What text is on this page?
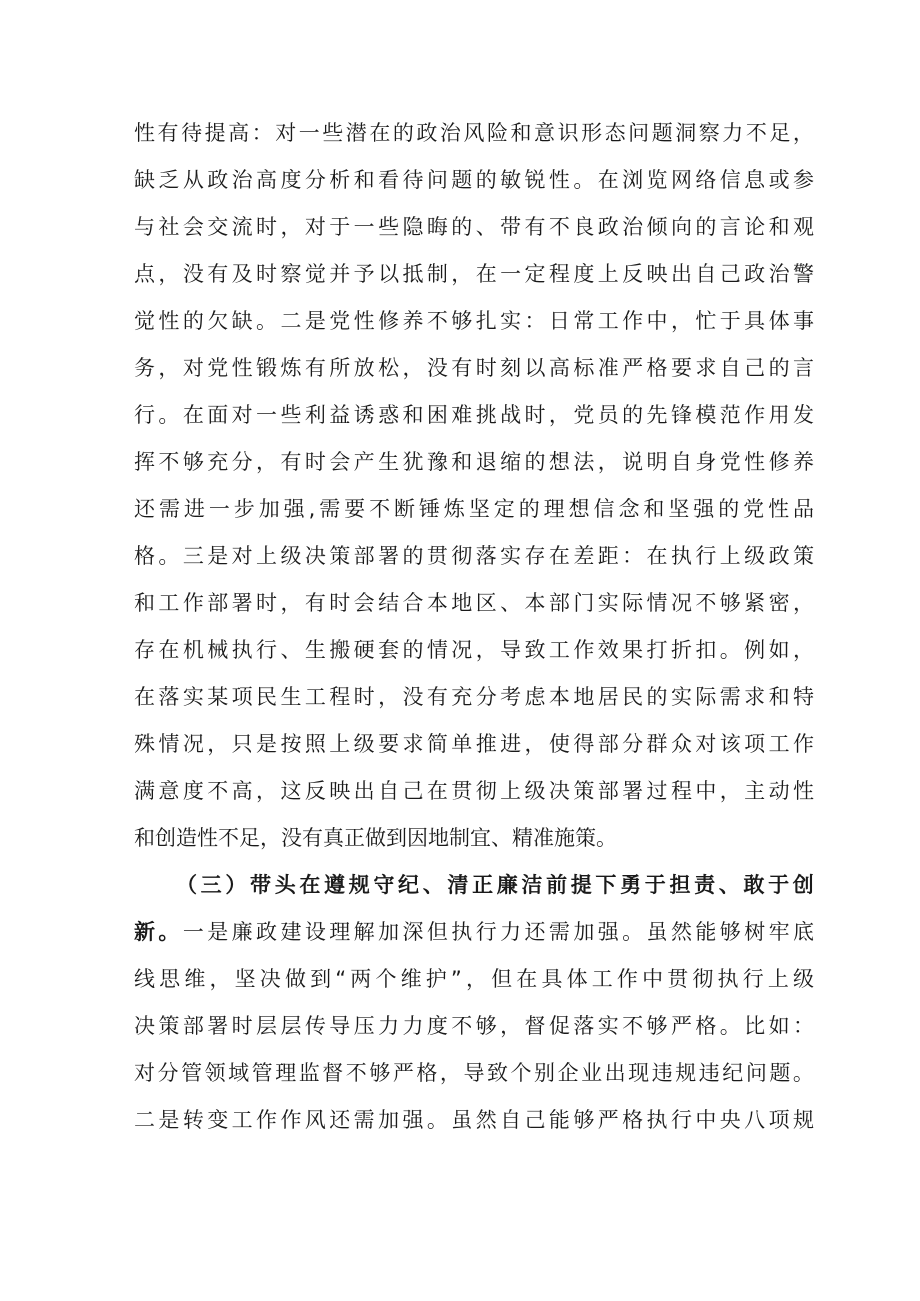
性 有 待 提 高 ： 对 一 些 潜 在 的 政 治 风 险 和 意 识 形 态 问 题 洞 察 力 不 足 ，
缺 乏 从 政 治 高 度 分 析 和 看 待 问 题 的 敏 锐 性 。 在 浏 览 网 络 信 息 或 参
与 社 会 交 流 时 ， 对 于 一 些 隐 晦 的 、 带 有 不 良 政 治 倾 向 的 言 论 和 观
点 ， 没 有 及 时 察 觉 并 予 以 抵 制 ， 在 一 定 程 度 上 反 映 出 自 己 政 治 警
觉 性 的 欠 缺 。 二 是 党 性 修 养 不 够 扎 实 ： 日 常 工 作 中 ， 忙 于 具 体 事
务 ， 对 党 性 锻 炼 有 所 放 松 ， 没 有 时 刻 以 高 标 准 严 格 要 求 自 己 的 言
行 。 在 面 对 一 些 利 益 诱 惑 和 困 难 挑 战 时 ， 党 员 的 先 锋 模 范 作 用 发
挥 不 够 充 分 ， 有 时 会 产 生 犹 豫 和 退 缩 的 想 法 ， 说 明 自 身 党 性 修 养
还 需 进 一 步 加 强 , 需 要 不 断 锤 炼 坚 定 的 理 想 信 念 和 坚 强 的 党 性 品
格 。 三 是 对 上 级 决 策 部 署 的 贯 彻 落 实 存 在 差 距 ： 在 执 行 上 级 政 策
和 工 作 部 署 时 ， 有 时 会 结 合 本 地 区 、 本 部 门 实 际 情 况 不 够 紧 密 ，
存 在 机 械 执 行 、 生 搬 硬 套 的 情 况 ， 导 致 工 作 效 果 打 折 扣 。 例 如 ，
在 落 实 某 项 民 生 工 程 时 ， 没 有 充 分 考 虑 本 地 居 民 的 实 际 需 求 和 特
殊 情 况 ， 只 是 按 照 上 级 要 求 简 单 推 进 ， 使 得 部 分 群 众 对 该 项 工 作
满 意 度 不 高 ， 这 反 映 出 自 己 在 贯 彻 上 级 决 策 部 署 过 程 中 ， 主 动 性
和 创 造 性 不 足 ， 没 有 真 正 做 到 因 地 制 宜 、 精 准 施 策 。
（ 三 ） 带 头 在 遵 规 守 纪 、 清 正 廉 洁 前 提 下 勇 于 担 责 、 敢 于 创
新 。 一 是 廉 政 建 设 理 解 加 深 但 执 行 力 还 需 加 强 。 虽 然 能 够 树 牢 底
线 思 维 ， 坚 决 做 到 “ 两 个 维 护 ” ， 但 在 具 体 工 作 中 贯 彻 执 行 上 级
决 策 部 署 时 层 层 传 导 压 力 力 度 不 够 ， 督 促 落 实 不 够 严 格 。 比 如 ：
对 分 管 领 域 管 理 监 督 不 够 严 格 ， 导 致 个 别 企 业 出 现 违 规 违 纪 问 题 。
二 是 转 变 工 作 作 风 还 需 加 强 。 虽 然 自 己 能 够 严 格 执 行 中 央 八 项 规
